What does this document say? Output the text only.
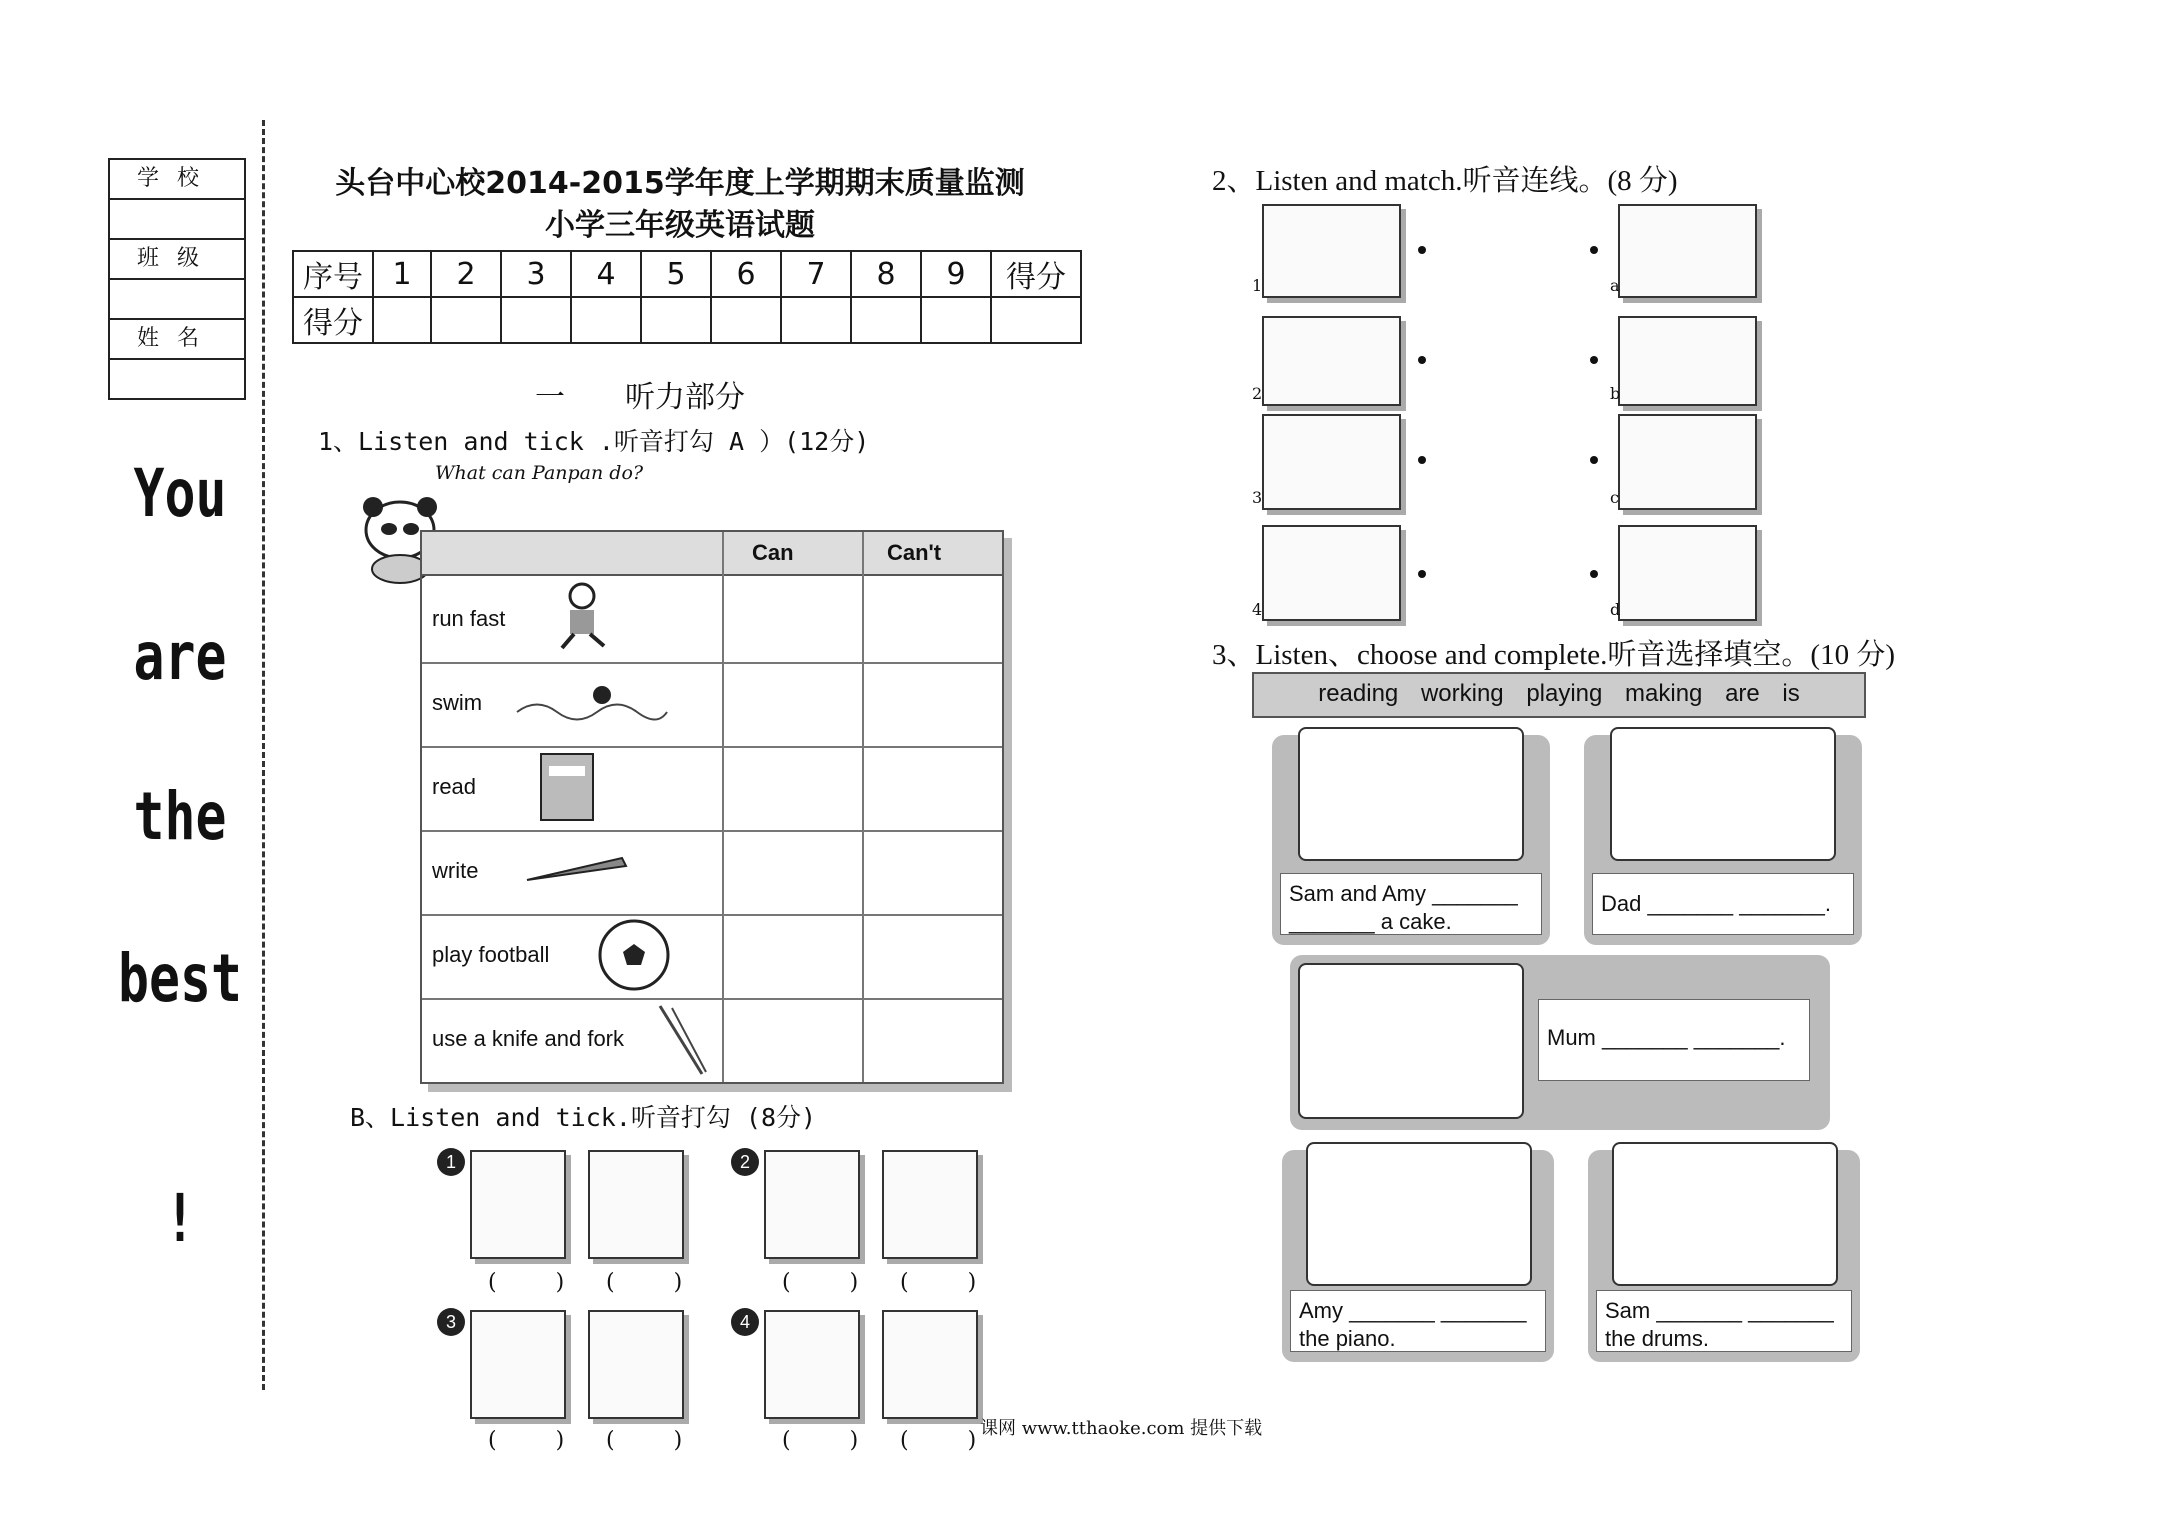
学校
班级
姓名
You
are
the
best
!
头台中心校2014-2015学年度上学期期末质量监测
小学三年级英语试题
序号	1	2	3	4	5	6	7	8	9	得分
得分										
一　　听力部分
1、Listen and tick .听音打勾 A ）(12分)
What can Panpan do?
Can	Can't
run fast
swim
read
write
play football
use a knife and fork
B、Listen and tick.听音打勾 (8分)
1	2
3	4
( ) ( )	( ) ( )
( ) ( )	( ) ( )
2、Listen and match.听音连线。(8 分)
1
2
3
4
a
b
c
d
3、Listen、choose and complete.听音选择填空。(10 分)
reading working playing making are is
Sam and Amy _______ _______ a cake.
Dad _______ _______.
Mum _______ _______.
Amy _______ _______ the piano.
Sam _______ _______ the drums.
课网 www.tthaoke.com 提供下载
